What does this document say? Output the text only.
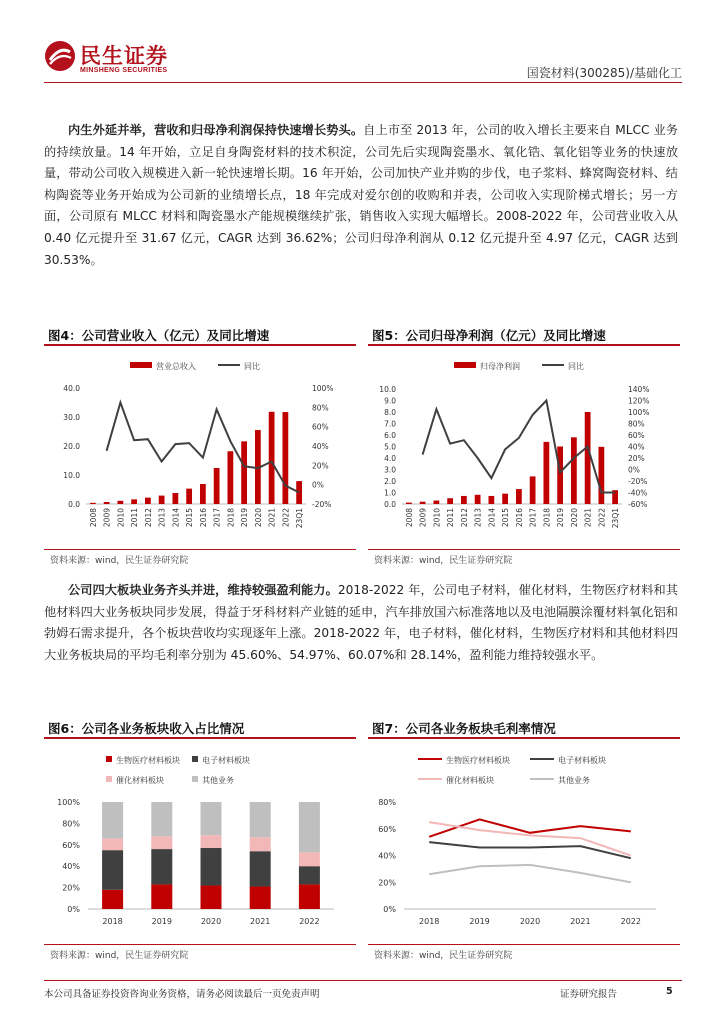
民生证券
MINSHENG SECURITIES	国瓷材料(300285)/基础化工
内生外延并举，营收和归母净利润保持快速增长势头。自上市至 2013 年，公司的收入增长主要来自 MLCC 业务的持续放量。14 年开始，立足自身陶瓷材料的技术积淀，公司先后实现陶瓷墨水、氧化锆、氧化铝等业务的快速放量，带动公司收入规模进入新一轮快速增长期。16 年开始，公司加快产业并购的步伐，电子浆料、蜂窝陶瓷材料、结构陶瓷等业务开始成为公司新的业绩增长点，18 年完成对爱尔创的收购和并表，公司收入实现阶梯式增长；另一方面，公司原有 MLCC 材料和陶瓷墨水产能规模继续扩张，销售收入实现大幅增长。2008-2022 年，公司营业收入从 0.40 亿元提升至 31.67 亿元，CAGR 达到 36.62%；公司归母净利润从 0.12 亿元提升至 4.97 亿元，CAGR 达到 30.53%。
图4：公司营业收入（亿元）及同比增速	图5：公司归母净利润（亿元）及同比增速
营业总收入	同比
0.0
10.0
20.0
30.0
40.0
-20%
0%
20%
40%
60%
80%
100%
2008 2009 2010 2011 2012 2013 2014 2015 2016 2017 2018 2019 2020 2021 2022 23Q1
归母净利润	同比
0.0
1.0
2.0
3.0
4.0
5.0
6.0
7.0
8.0
9.0
10.0
-60%
-40%
-20%
0%
20%
40%
60%
80%
100%
120%
140%
2008 2009 2010 2011 2012 2013 2014 2015 2016 2017 2018 2019 2020 2021 2022 23Q1
资料来源：wind，民生证券研究院	资料来源：wind，民生证券研究院
公司四大板块业务齐头并进，维持较强盈利能力。2018-2022 年，公司电子材料，催化材料，生物医疗材料和其他材料四大业务板块同步发展，得益于牙科材料产业链的延申，汽车排放国六标准落地以及电池隔膜涂覆材料氧化铝和勃姆石需求提升，各个板块营收均实现逐年上涨。2018-2022 年，电子材料，催化材料，生物医疗材料和其他材料四大业务板块局的平均毛利率分别为 45.60%、54.97%、60.07%和 28.14%，盈利能力维持较强水平。
图6：公司各业务板块收入占比情况	图7：公司各业务板块毛利率情况
生物医疗材料板块	电子材料板块
催化材料板块	其他业务
0%
20%
40%
60%
80%
100%
2018	2019	2020	2021	2022
生物医疗材料板块	电子材料板块
催化材料板块	其他业务
0%
20%
40%
60%
80%
2018	2019	2020	2021	2022
资料来源：wind，民生证券研究院	资料来源：wind，民生证券研究院
本公司具备证券投资咨询业务资格，请务必阅读最后一页免责声明	证券研究报告	5
